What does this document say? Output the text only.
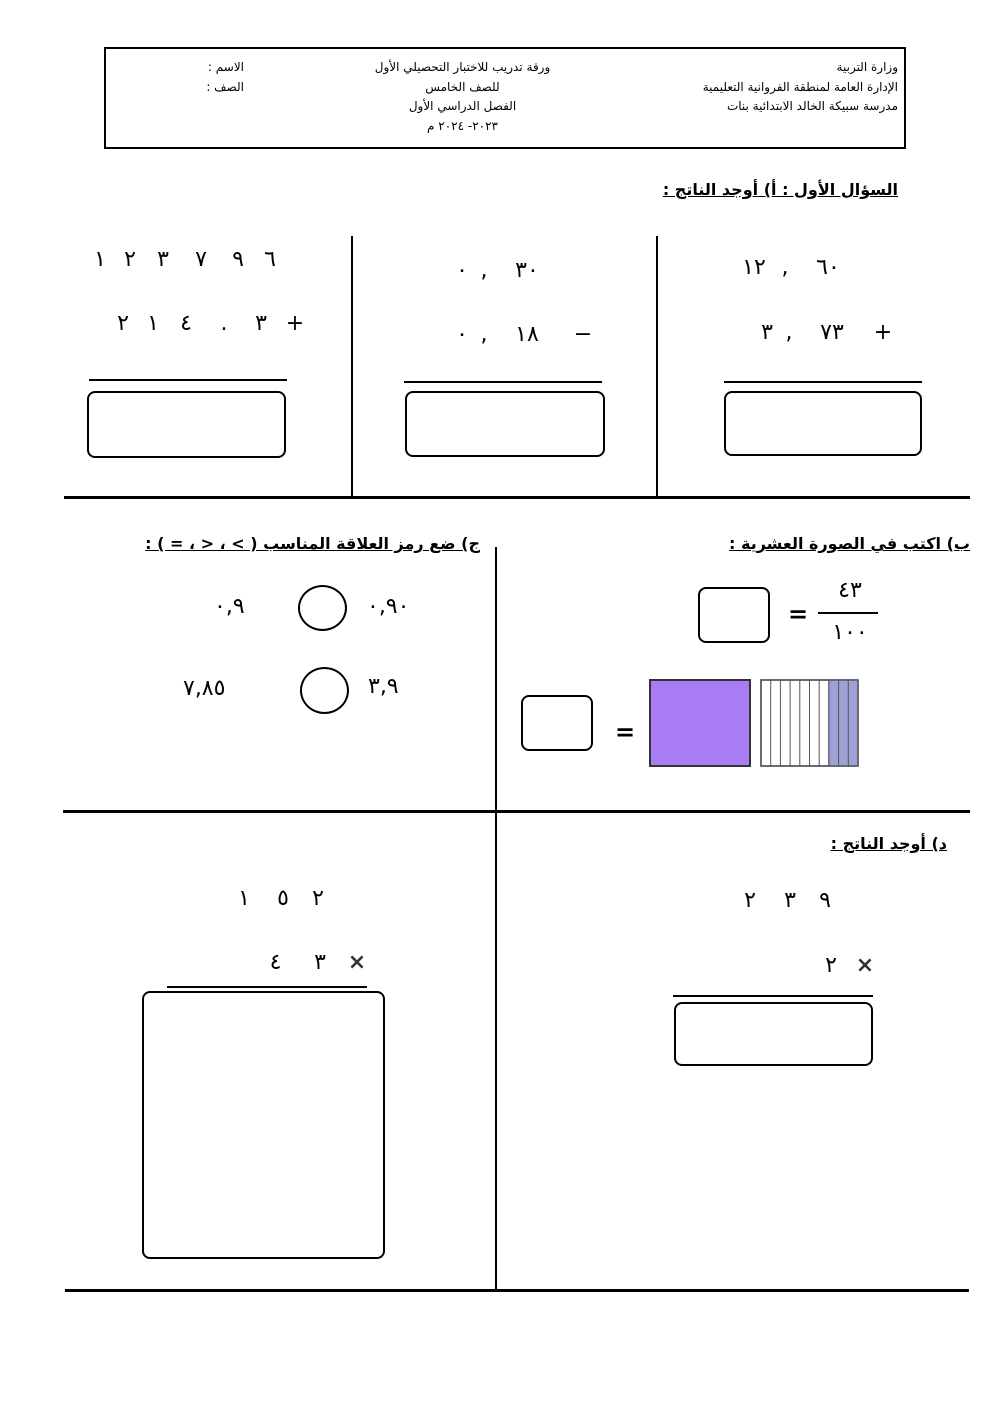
وزارة التربية
الإدارة العامة لمنطقة الفروانية التعليمية
مدرسة سبيكة الخالد الابتدائية بنات
ورقة تدريب للاختبار التحصيلي الأول
للصف الخامس
الفصل الدراسي الأول
٢٠٢٣- ٢٠٢٤ م
الاسم :
الصف :
السؤال الأول : أ) أوجد الناتج :
١٢ , ٦٠
+٧٣,٣
٠ , ٣٠
٠ , ١٨ −
١ ٢ ٣ ٧ ٩ ٦
٢ ١ ٤ . ٣ +
ب) اكتب في الصورة العشرية :
٤٣
١٠٠
=
=
ج) ضع رمز العلاقة المناسب ( > ، < ، = ) :
٠,٩٠
٠,٩
٣,٩
٧,٨٥
د) أوجد الناتج :
٢ ٣ ٩
٢ ×
١ ٥ ٢
٤ ٣ ×
